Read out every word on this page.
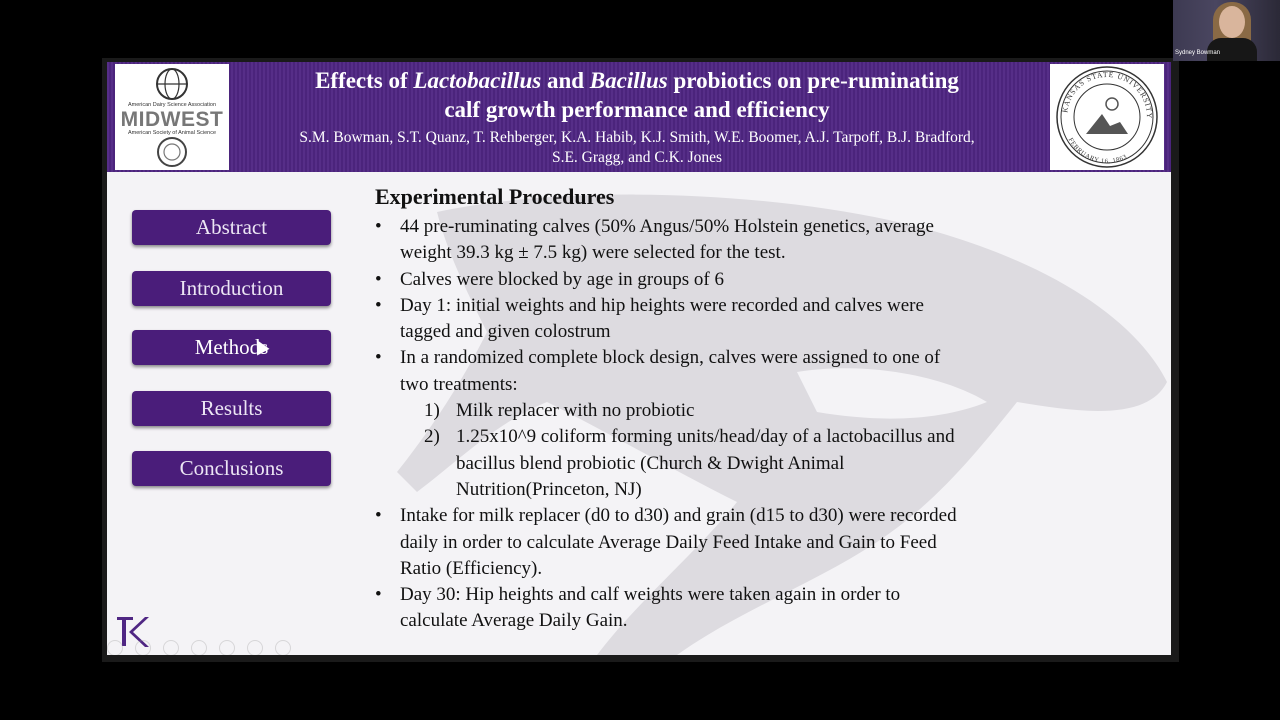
American Dairy Science Association
MIDWEST
American Society of Animal Science
Effects of Lactobacillus and Bacillus probiotics on pre-ruminating
calf growth performance and efficiency
S.M. Bowman, S.T. Quanz, T. Rehberger, K.A. Habib, K.J. Smith, W.E. Boomer, A.J. Tarpoff, B.J. Bradford,
S.E. Gragg, and C.K. Jones
KANSAS STATE UNIVERSITY
FEBRUARY 16, 1863
Abstract
Introduction
Methods
Results
Conclusions
Experimental Procedures
• 44 pre-ruminating calves (50% Angus/50% Holstein genetics, average
weight 39.3 kg ± 7.5 kg) were selected for the test.
• Calves were blocked by age in groups of 6
• Day 1: initial weights and hip heights were recorded and calves were
tagged and given colostrum
• In a randomized complete block design, calves were assigned to one of
two treatments:
1) Milk replacer with no probiotic
2) 1.25x10^9 coliform forming units/head/day of a lactobacillus and
bacillus blend probiotic (Church & Dwight Animal
Nutrition(Princeton, NJ)
• Intake for milk replacer (d0 to d30) and grain (d15 to d30) were recorded
daily in order to calculate Average Daily Feed Intake and Gain to Feed
Ratio (Efficiency).
• Day 30: Hip heights and calf weights were taken again in order to
calculate Average Daily Gain.
Sydney Bowman
